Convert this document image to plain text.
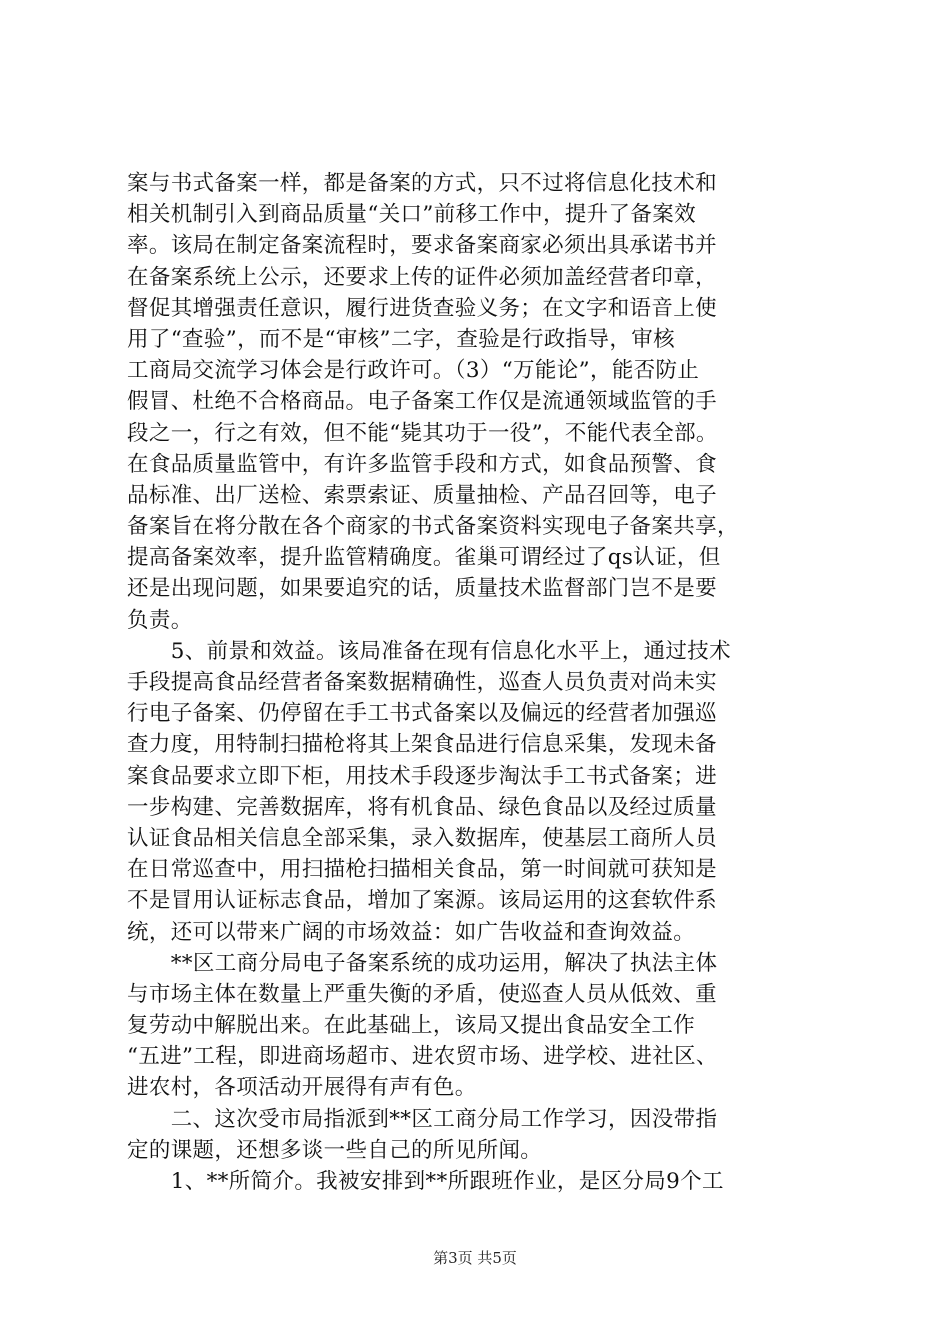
案与书式备案一样，都是备案的方式，只不过将信息化技术和
相关机制引入到商品质量“关口”前移工作中，提升了备案效
率。该局在制定备案流程时，要求备案商家必须出具承诺书并
在备案系统上公示，还要求上传的证件必须加盖经营者印章，
督促其增强责任意识，履行进货查验义务；在文字和语音上使
用了“查验”，而不是“审核”二字，查验是行政指导，审核
工商局交流学习体会是行政许可。（3）“万能论”，能否防止
假冒、杜绝不合格商品。电子备案工作仅是流通领域监管的手
段之一，行之有效，但不能“毙其功于一役”，不能代表全部。
在食品质量监管中，有许多监管手段和方式，如食品预警、食
品标准、出厂送检、索票索证、质量抽检、产品召回等，电子
备案旨在将分散在各个商家的书式备案资料实现电子备案共享，
提高备案效率，提升监管精确度。雀巢可谓经过了qs认证，但
还是出现问题，如果要追究的话，质量技术监督部门岂不是要
负责。
　　5、前景和效益。该局准备在现有信息化水平上，通过技术
手段提高食品经营者备案数据精确性，巡查人员负责对尚未实
行电子备案、仍停留在手工书式备案以及偏远的经营者加强巡
查力度，用特制扫描枪将其上架食品进行信息采集，发现未备
案食品要求立即下柜，用技术手段逐步淘汰手工书式备案；进
一步构建、完善数据库，将有机食品、绿色食品以及经过质量
认证食品相关信息全部采集，录入数据库，使基层工商所人员
在日常巡查中，用扫描枪扫描相关食品，第一时间就可获知是
不是冒用认证标志食品，增加了案源。该局运用的这套软件系
统，还可以带来广阔的市场效益：如广告收益和查询效益。
　　**区工商分局电子备案系统的成功运用，解决了执法主体
与市场主体在数量上严重失衡的矛盾，使巡查人员从低效、重
复劳动中解脱出来。在此基础上，该局又提出食品安全工作
“五进”工程，即进商场超市、进农贸市场、进学校、进社区、
进农村，各项活动开展得有声有色。
　　二、这次受市局指派到**区工商分局工作学习，因没带指
定的课题，还想多谈一些自己的所见所闻。
　　1、**所简介。我被安排到**所跟班作业，是区分局9个工
第3页 共5页
